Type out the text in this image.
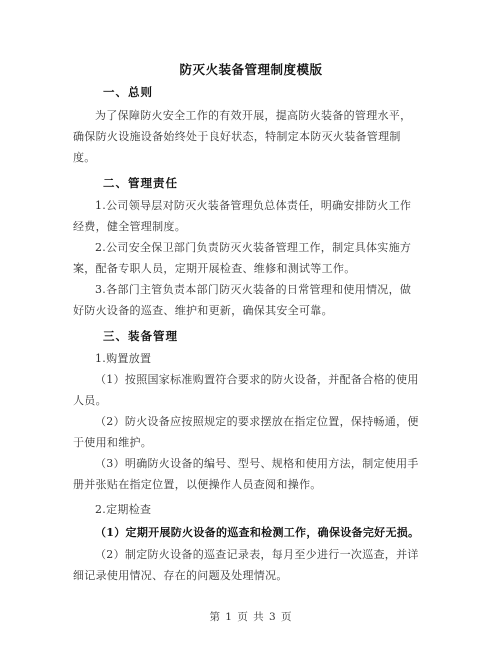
防灭火装备管理制度模版
一、总则
为了保障防火安全工作的有效开展，提高防火装备的管理水平，
确保防火设施设备始终处于良好状态，特制定本防灭火装备管理制
度。
二、管理责任
1.公司领导层对防灭火装备管理负总体责任，明确安排防火工作
经费，健全管理制度。
2.公司安全保卫部门负责防灭火装备管理工作，制定具体实施方
案，配备专职人员，定期开展检查、维修和测试等工作。
3.各部门主管负责本部门防灭火装备的日常管理和使用情况，做
好防火设备的巡查、维护和更新，确保其安全可靠。
三、装备管理
1.购置放置
（1）按照国家标准购置符合要求的防火设备，并配备合格的使用
人员。
（2）防火设备应按照规定的要求摆放在指定位置，保持畅通，便
于使用和维护。
（3）明确防火设备的编号、型号、规格和使用方法，制定使用手
册并张贴在指定位置，以便操作人员查阅和操作。
2.定期检查
（1）定期开展防火设备的巡查和检测工作，确保设备完好无损。
（2）制定防火设备的巡查记录表，每月至少进行一次巡查，并详
细记录使用情况、存在的问题及处理情况。
第 1 页 共 3 页
